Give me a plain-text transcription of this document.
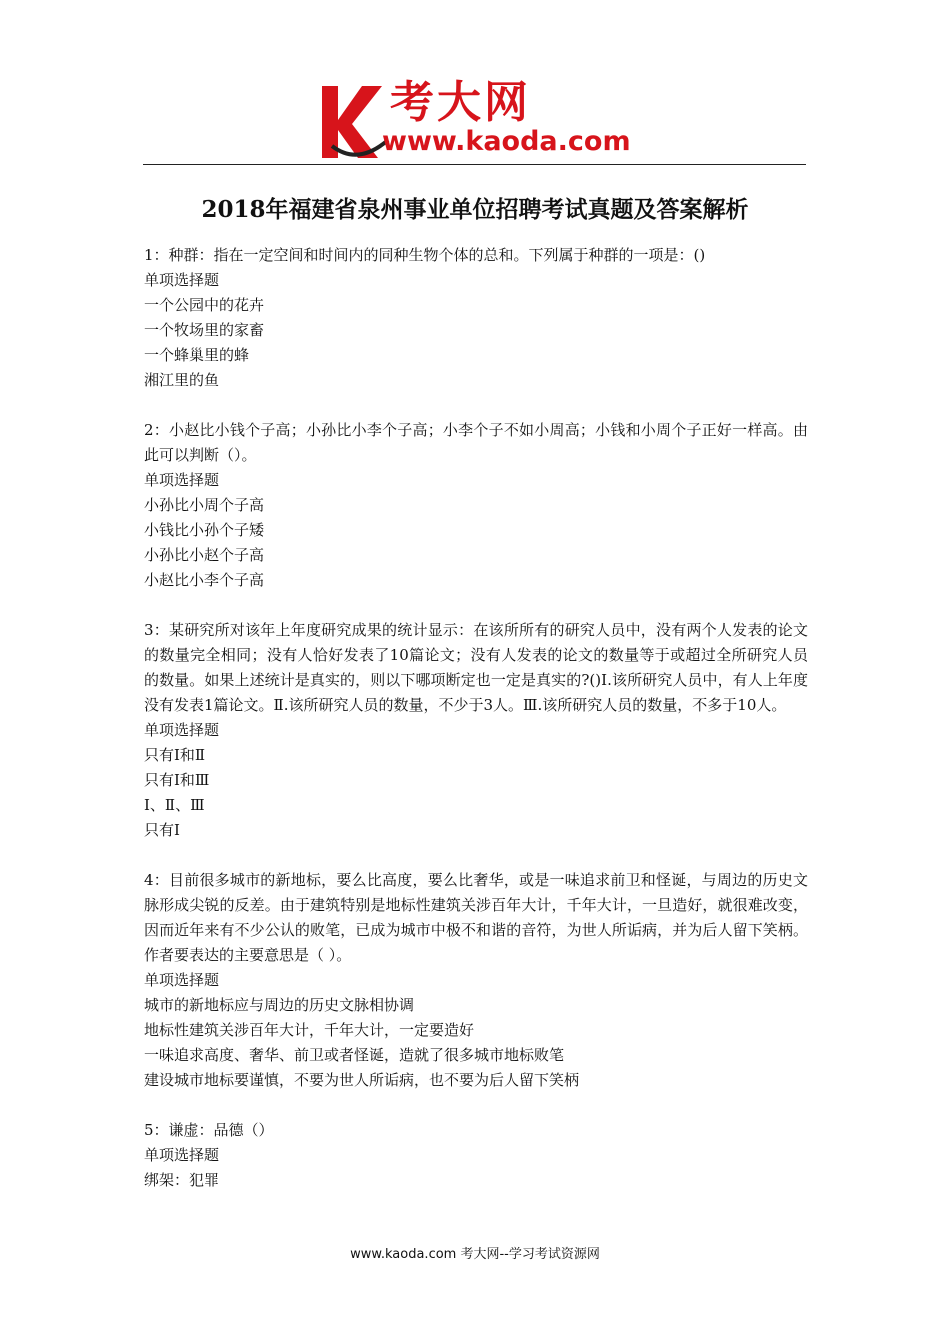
考大网
www.kaoda.com
2018年福建省泉州事业单位招聘考试真题及答案解析
1：种群：指在一定空间和时间内的同种生物个体的总和。下列属于种群的一项是：()
单项选择题
一个公园中的花卉
一个牧场里的家畜
一个蜂巢里的蜂
湘江里的鱼
2：小赵比小钱个子高；小孙比小李个子高；小李个子不如小周高；小钱和小周个子正好一样高。由此可以判断（）。
单项选择题
小孙比小周个子高
小钱比小孙个子矮
小孙比小赵个子高
小赵比小李个子高
3：某研究所对该年上年度研究成果的统计显示：在该所所有的研究人员中，没有两个人发表的论文的数量完全相同；没有人恰好发表了10篇论文；没有人发表的论文的数量等于或超过全所研究人员的数量。如果上述统计是真实的，则以下哪项断定也一定是真实的?()Ⅰ.该所研究人员中，有人上年度没有发表1篇论文。Ⅱ.该所研究人员的数量，不少于3人。Ⅲ.该所研究人员的数量，不多于10人。
单项选择题
只有Ⅰ和Ⅱ
只有Ⅰ和Ⅲ
Ⅰ、Ⅱ、Ⅲ
只有Ⅰ
4：目前很多城市的新地标，要么比高度，要么比奢华，或是一味追求前卫和怪诞，与周边的历史文脉形成尖锐的反差。由于建筑特别是地标性建筑关涉百年大计，千年大计，一旦造好，就很难改变，因而近年来有不少公认的败笔，已成为城市中极不和谐的音符，为世人所诟病，并为后人留下笑柄。作者要表达的主要意思是（ ）。
单项选择题
城市的新地标应与周边的历史文脉相协调
地标性建筑关涉百年大计，千年大计，一定要造好
一味追求高度、奢华、前卫或者怪诞，造就了很多城市地标败笔
建设城市地标要谨慎，不要为世人所诟病，也不要为后人留下笑柄
5：谦虚：品德（）
单项选择题
绑架：犯罪
www.kaoda.com 考大网--学习考试资源网
